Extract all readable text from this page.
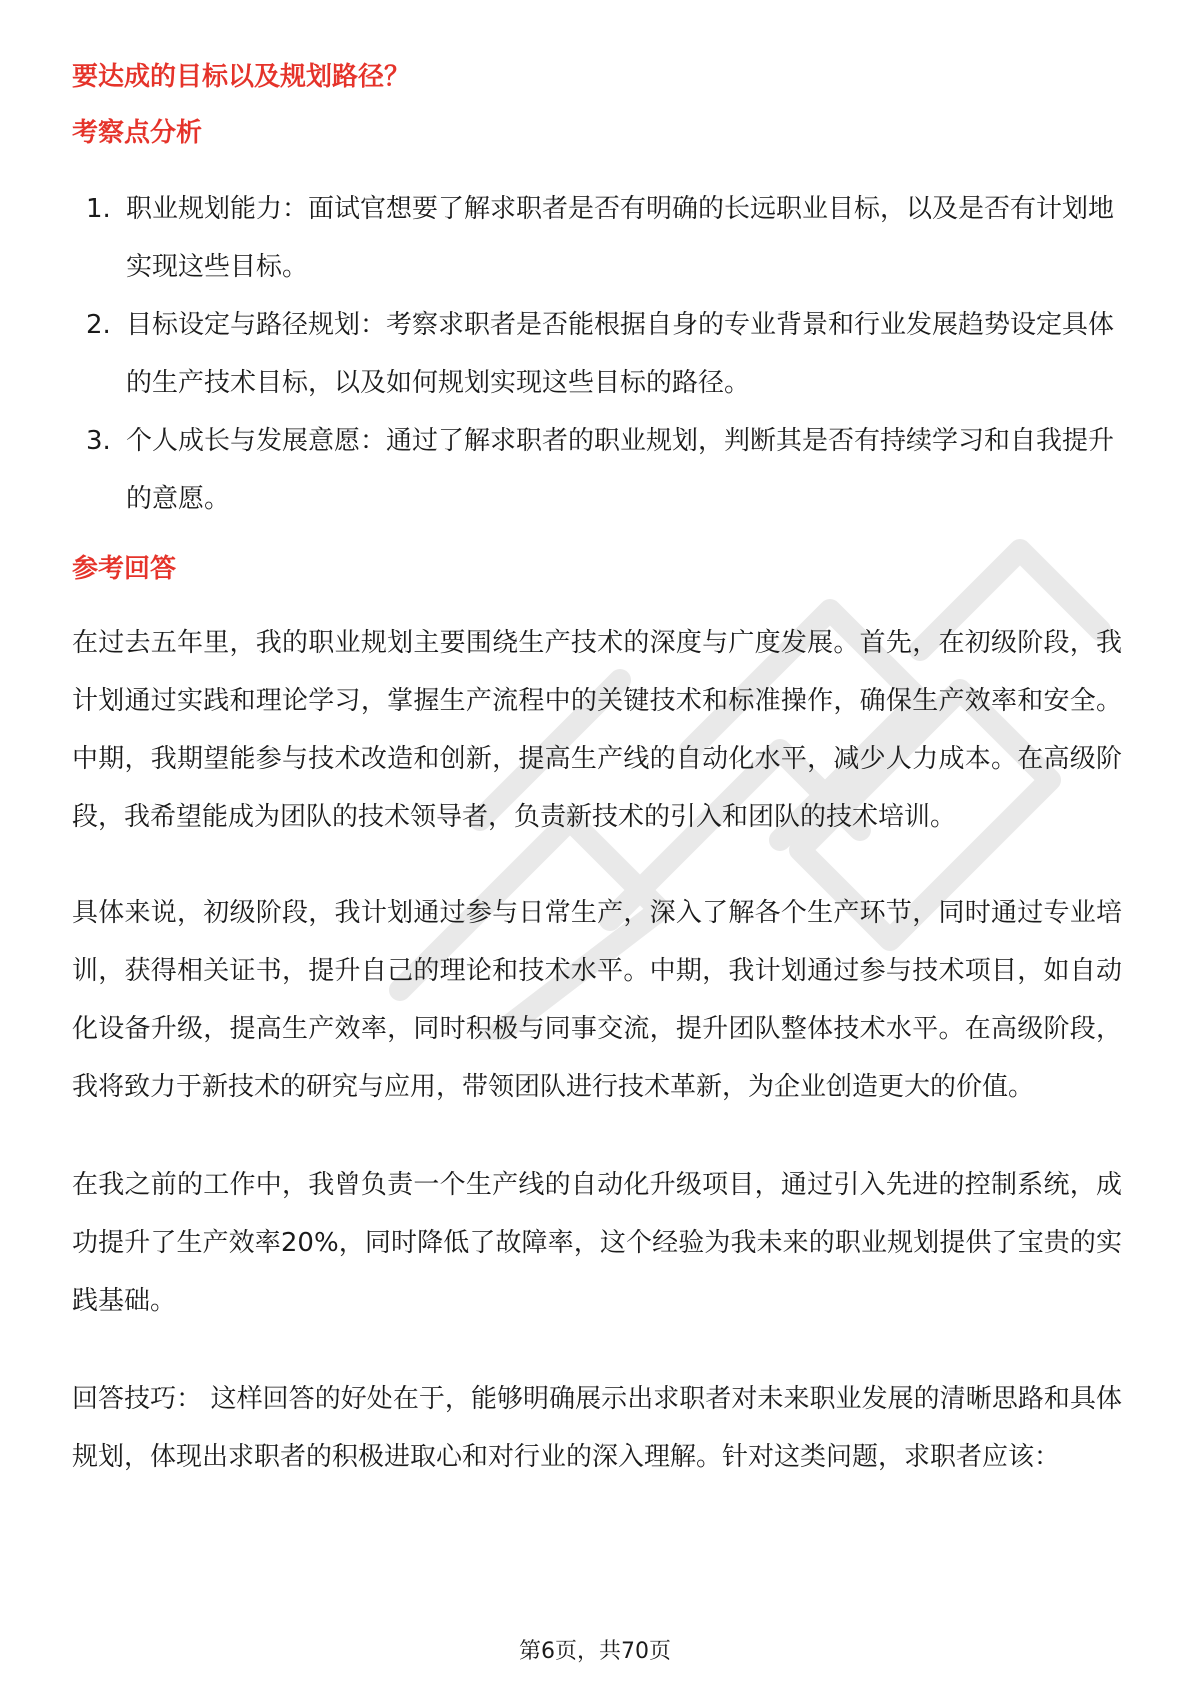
要达成的目标以及规划路径？
考察点分析
1. 职业规划能力：面试官想要了解求职者是否有明确的长远职业目标，以及是否有计划地实现这些目标。
2. 目标设定与路径规划：考察求职者是否能根据自身的专业背景和行业发展趋势设定具体的生产技术目标，以及如何规划实现这些目标的路径。
3. 个人成长与发展意愿：通过了解求职者的职业规划，判断其是否有持续学习和自我提升的意愿。
参考回答

在过去五年里，我的职业规划主要围绕生产技术的深度与广度发展。首先，在初级阶段，我计划通过实践和理论学习，掌握生产流程中的关键技术和标准操作，确保生产效率和安全。中期，我期望能参与技术改造和创新，提高生产线的自动化水平，减少人力成本。在高级阶段，我希望能成为团队的技术领导者，负责新技术的引入和团队的技术培训。

具体来说，初级阶段，我计划通过参与日常生产，深入了解各个生产环节，同时通过专业培训，获得相关证书，提升自己的理论和技术水平。中期，我计划通过参与技术项目，如自动化设备升级，提高生产效率，同时积极与同事交流，提升团队整体技术水平。在高级阶段，我将致力于新技术的研究与应用，带领团队进行技术革新，为企业创造更大的价值。

在我之前的工作中，我曾负责一个生产线的自动化升级项目，通过引入先进的控制系统，成功提升了生产效率20%，同时降低了故障率，这个经验为我未来的职业规划提供了宝贵的实践基础。

回答技巧： 这样回答的好处在于，能够明确展示出求职者对未来职业发展的清晰思路和具体规划，体现出求职者的积极进取心和对行业的深入理解。针对这类问题，求职者应该：

第6页，共70页
